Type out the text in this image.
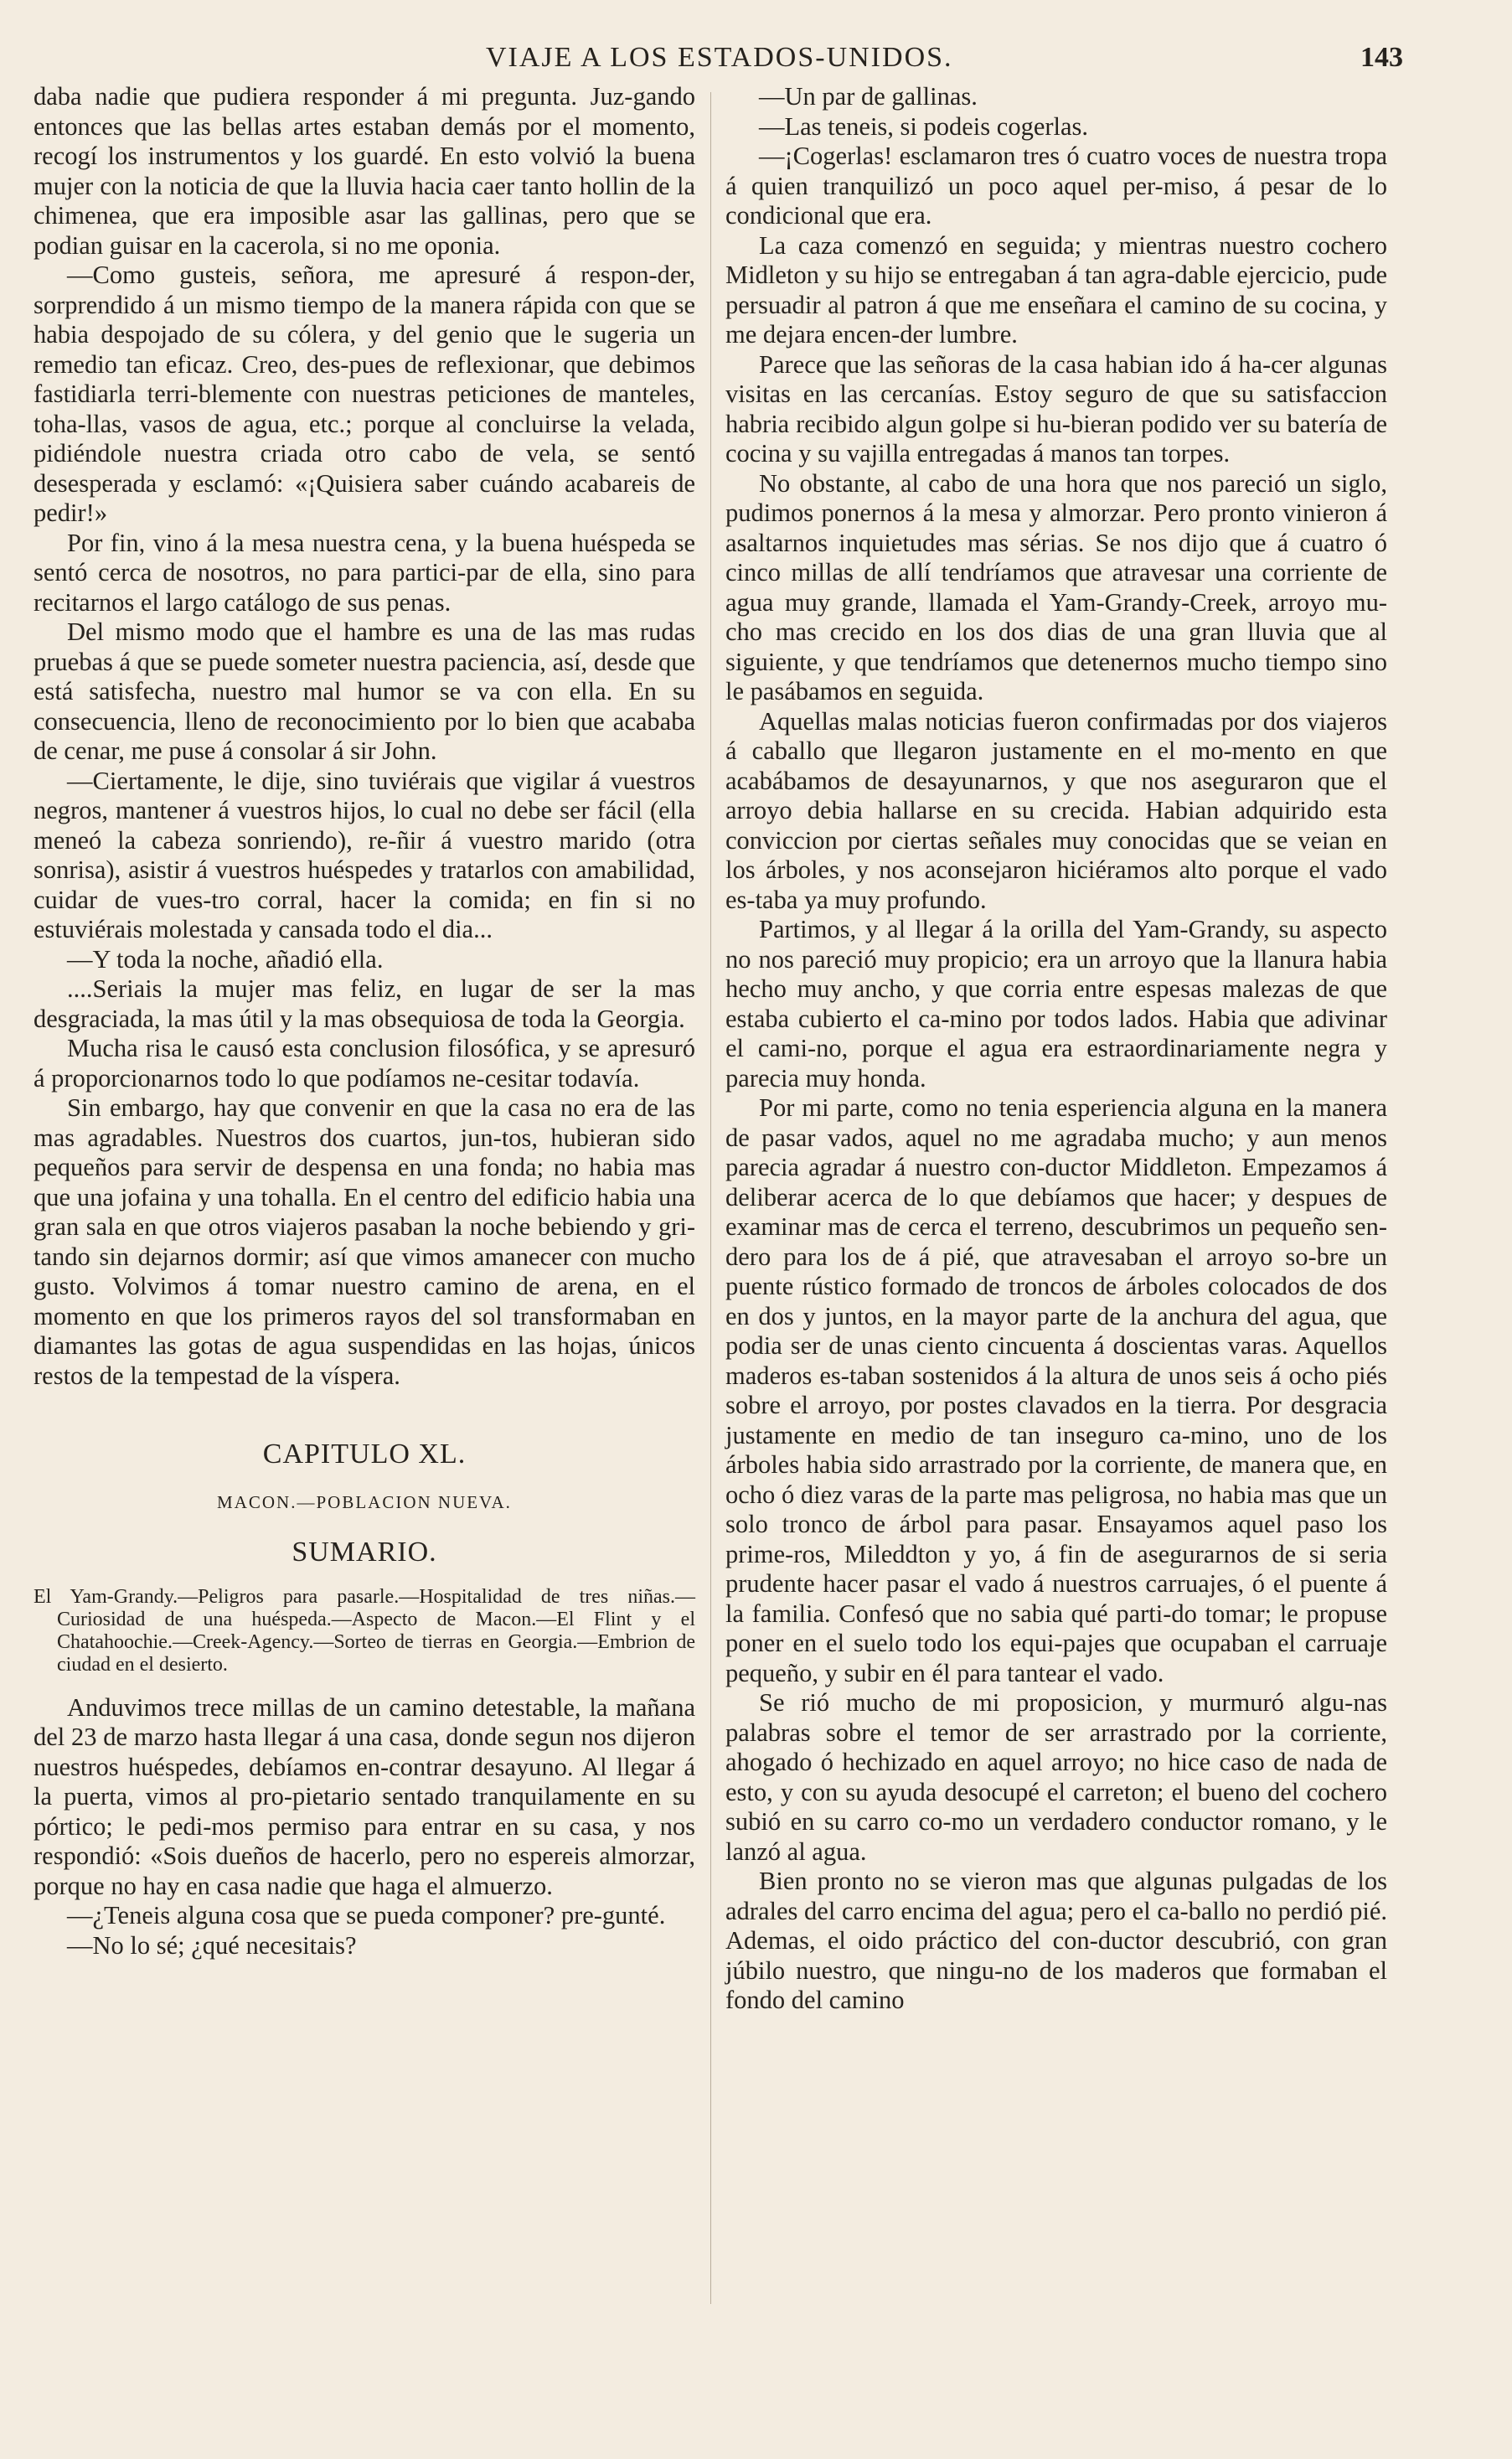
VIAJE A LOS ESTADOS-UNIDOS.	143

daba nadie que pudiera responder á mi pregunta. Juz-gando entonces que las bellas artes estaban demás por el momento, recogí los instrumentos y los guardé. En esto volvió la buena mujer con la noticia de que la lluvia hacia caer tanto hollin de la chimenea, que era imposible asar las gallinas, pero que se podian guisar en la cacerola, si no me oponia.

—Como gusteis, señora, me apresuré á respon-der, sorprendido á un mismo tiempo de la manera rápida con que se habia despojado de su cólera, y del genio que le sugeria un remedio tan eficaz. Creo, des-pues de reflexionar, que debimos fastidiarla terri-blemente con nuestras peticiones de manteles, toha-llas, vasos de agua, etc.; porque al concluirse la velada, pidiéndole nuestra criada otro cabo de vela, se sentó desesperada y esclamó: «¡Quisiera saber cuándo acabareis de pedir!»

Por fin, vino á la mesa nuestra cena, y la buena huéspeda se sentó cerca de nosotros, no para partici-par de ella, sino para recitarnos el largo catálogo de sus penas.

Del mismo modo que el hambre es una de las mas rudas pruebas á que se puede someter nuestra paciencia, así, desde que está satisfecha, nuestro mal humor se va con ella. En su consecuencia, lleno de reconocimiento por lo bien que acababa de cenar, me puse á consolar á sir John.

—Ciertamente, le dije, sino tuviérais que vigilar á vuestros negros, mantener á vuestros hijos, lo cual no debe ser fácil (ella meneó la cabeza sonriendo), re-ñir á vuestro marido (otra sonrisa), asistir á vuestros huéspedes y tratarlos con amabilidad, cuidar de vues-tro corral, hacer la comida; en fin si no estuviérais molestada y cansada todo el dia...

—Y toda la noche, añadió ella.

....Seriais la mujer mas feliz, en lugar de ser la mas desgraciada, la mas útil y la mas obsequiosa de toda la Georgia.

Mucha risa le causó esta conclusion filosófica, y se apresuró á proporcionarnos todo lo que podíamos ne-cesitar todavía.

Sin embargo, hay que convenir en que la casa no era de las mas agradables. Nuestros dos cuartos, jun-tos, hubieran sido pequeños para servir de despensa en una fonda; no habia mas que una jofaina y una tohalla. En el centro del edificio habia una gran sala en que otros viajeros pasaban la noche bebiendo y gri-tando sin dejarnos dormir; así que vimos amanecer con mucho gusto. Volvimos á tomar nuestro camino de arena, en el momento en que los primeros rayos del sol transformaban en diamantes las gotas de agua suspendidas en las hojas, únicos restos de la tempestad de la víspera.

CAPITULO XL.
MACON.—POBLACION NUEVA.
SUMARIO.
El Yam-Grandy.—Peligros para pasarle.—Hospitalidad de tres niñas.—Curiosidad de una huéspeda.—Aspecto de Macon.—El Flint y el Chatahoochie.—Creek-Agency.—Sorteo de tierras en Georgia.—Embrion de ciudad en el desierto.

Anduvimos trece millas de un camino detestable, la mañana del 23 de marzo hasta llegar á una casa, donde segun nos dijeron nuestros huéspedes, debíamos en-contrar desayuno. Al llegar á la puerta, vimos al pro-pietario sentado tranquilamente en su pórtico; le pedi-mos permiso para entrar en su casa, y nos respondió: «Sois dueños de hacerlo, pero no espereis almorzar, porque no hay en casa nadie que haga el almuerzo.

—¿Teneis alguna cosa que se pueda componer? pre-gunté.

—No lo sé; ¿qué necesitais?

—Un par de gallinas.

—Las teneis, si podeis cogerlas.

—¡Cogerlas! esclamaron tres ó cuatro voces de nuestra tropa á quien tranquilizó un poco aquel per-miso, á pesar de lo condicional que era.

La caza comenzó en seguida; y mientras nuestro cochero Midleton y su hijo se entregaban á tan agra-dable ejercicio, pude persuadir al patron á que me enseñara el camino de su cocina, y me dejara encen-der lumbre.

Parece que las señoras de la casa habian ido á ha-cer algunas visitas en las cercanías. Estoy seguro de que su satisfaccion habria recibido algun golpe si hu-bieran podido ver su batería de cocina y su vajilla entregadas á manos tan torpes.

No obstante, al cabo de una hora que nos pareció un siglo, pudimos ponernos á la mesa y almorzar. Pero pronto vinieron á asaltarnos inquietudes mas sérias. Se nos dijo que á cuatro ó cinco millas de allí tendríamos que atravesar una corriente de agua muy grande, llamada el Yam-Grandy-Creek, arroyo mu-cho mas crecido en los dos dias de una gran lluvia que al siguiente, y que tendríamos que detenernos mucho tiempo sino le pasábamos en seguida.

Aquellas malas noticias fueron confirmadas por dos viajeros á caballo que llegaron justamente en el mo-mento en que acabábamos de desayunarnos, y que nos aseguraron que el arroyo debia hallarse en su crecida. Habian adquirido esta conviccion por ciertas señales muy conocidas que se veian en los árboles, y nos aconsejaron hiciéramos alto porque el vado es-taba ya muy profundo.

Partimos, y al llegar á la orilla del Yam-Grandy, su aspecto no nos pareció muy propicio; era un arroyo que la llanura habia hecho muy ancho, y que corria entre espesas malezas de que estaba cubierto el ca-mino por todos lados. Habia que adivinar el cami-no, porque el agua era estraordinariamente negra y parecia muy honda.

Por mi parte, como no tenia esperiencia alguna en la manera de pasar vados, aquel no me agradaba mucho; y aun menos parecia agradar á nuestro con-ductor Middleton. Empezamos á deliberar acerca de lo que debíamos que hacer; y despues de examinar mas de cerca el terreno, descubrimos un pequeño sen-dero para los de á pié, que atravesaban el arroyo so-bre un puente rústico formado de troncos de árboles colocados de dos en dos y juntos, en la mayor parte de la anchura del agua, que podia ser de unas ciento cincuenta á doscientas varas. Aquellos maderos es-taban sostenidos á la altura de unos seis á ocho piés sobre el arroyo, por postes clavados en la tierra. Por desgracia justamente en medio de tan inseguro ca-mino, uno de los árboles habia sido arrastrado por la corriente, de manera que, en ocho ó diez varas de la parte mas peligrosa, no habia mas que un solo tronco de árbol para pasar. Ensayamos aquel paso los prime-ros, Mileddton y yo, á fin de asegurarnos de si seria prudente hacer pasar el vado á nuestros carruajes, ó el puente á la familia. Confesó que no sabia qué parti-do tomar; le propuse poner en el suelo todo los equi-pajes que ocupaban el carruaje pequeño, y subir en él para tantear el vado.

Se rió mucho de mi proposicion, y murmuró algu-nas palabras sobre el temor de ser arrastrado por la corriente, ahogado ó hechizado en aquel arroyo; no hice caso de nada de esto, y con su ayuda desocupé el carreton; el bueno del cochero subió en su carro co-mo un verdadero conductor romano, y le lanzó al agua.

Bien pronto no se vieron mas que algunas pulgadas de los adrales del carro encima del agua; pero el ca-ballo no perdió pié. Ademas, el oido práctico del con-ductor descubrió, con gran júbilo nuestro, que ningu-no de los maderos que formaban el fondo del camino
